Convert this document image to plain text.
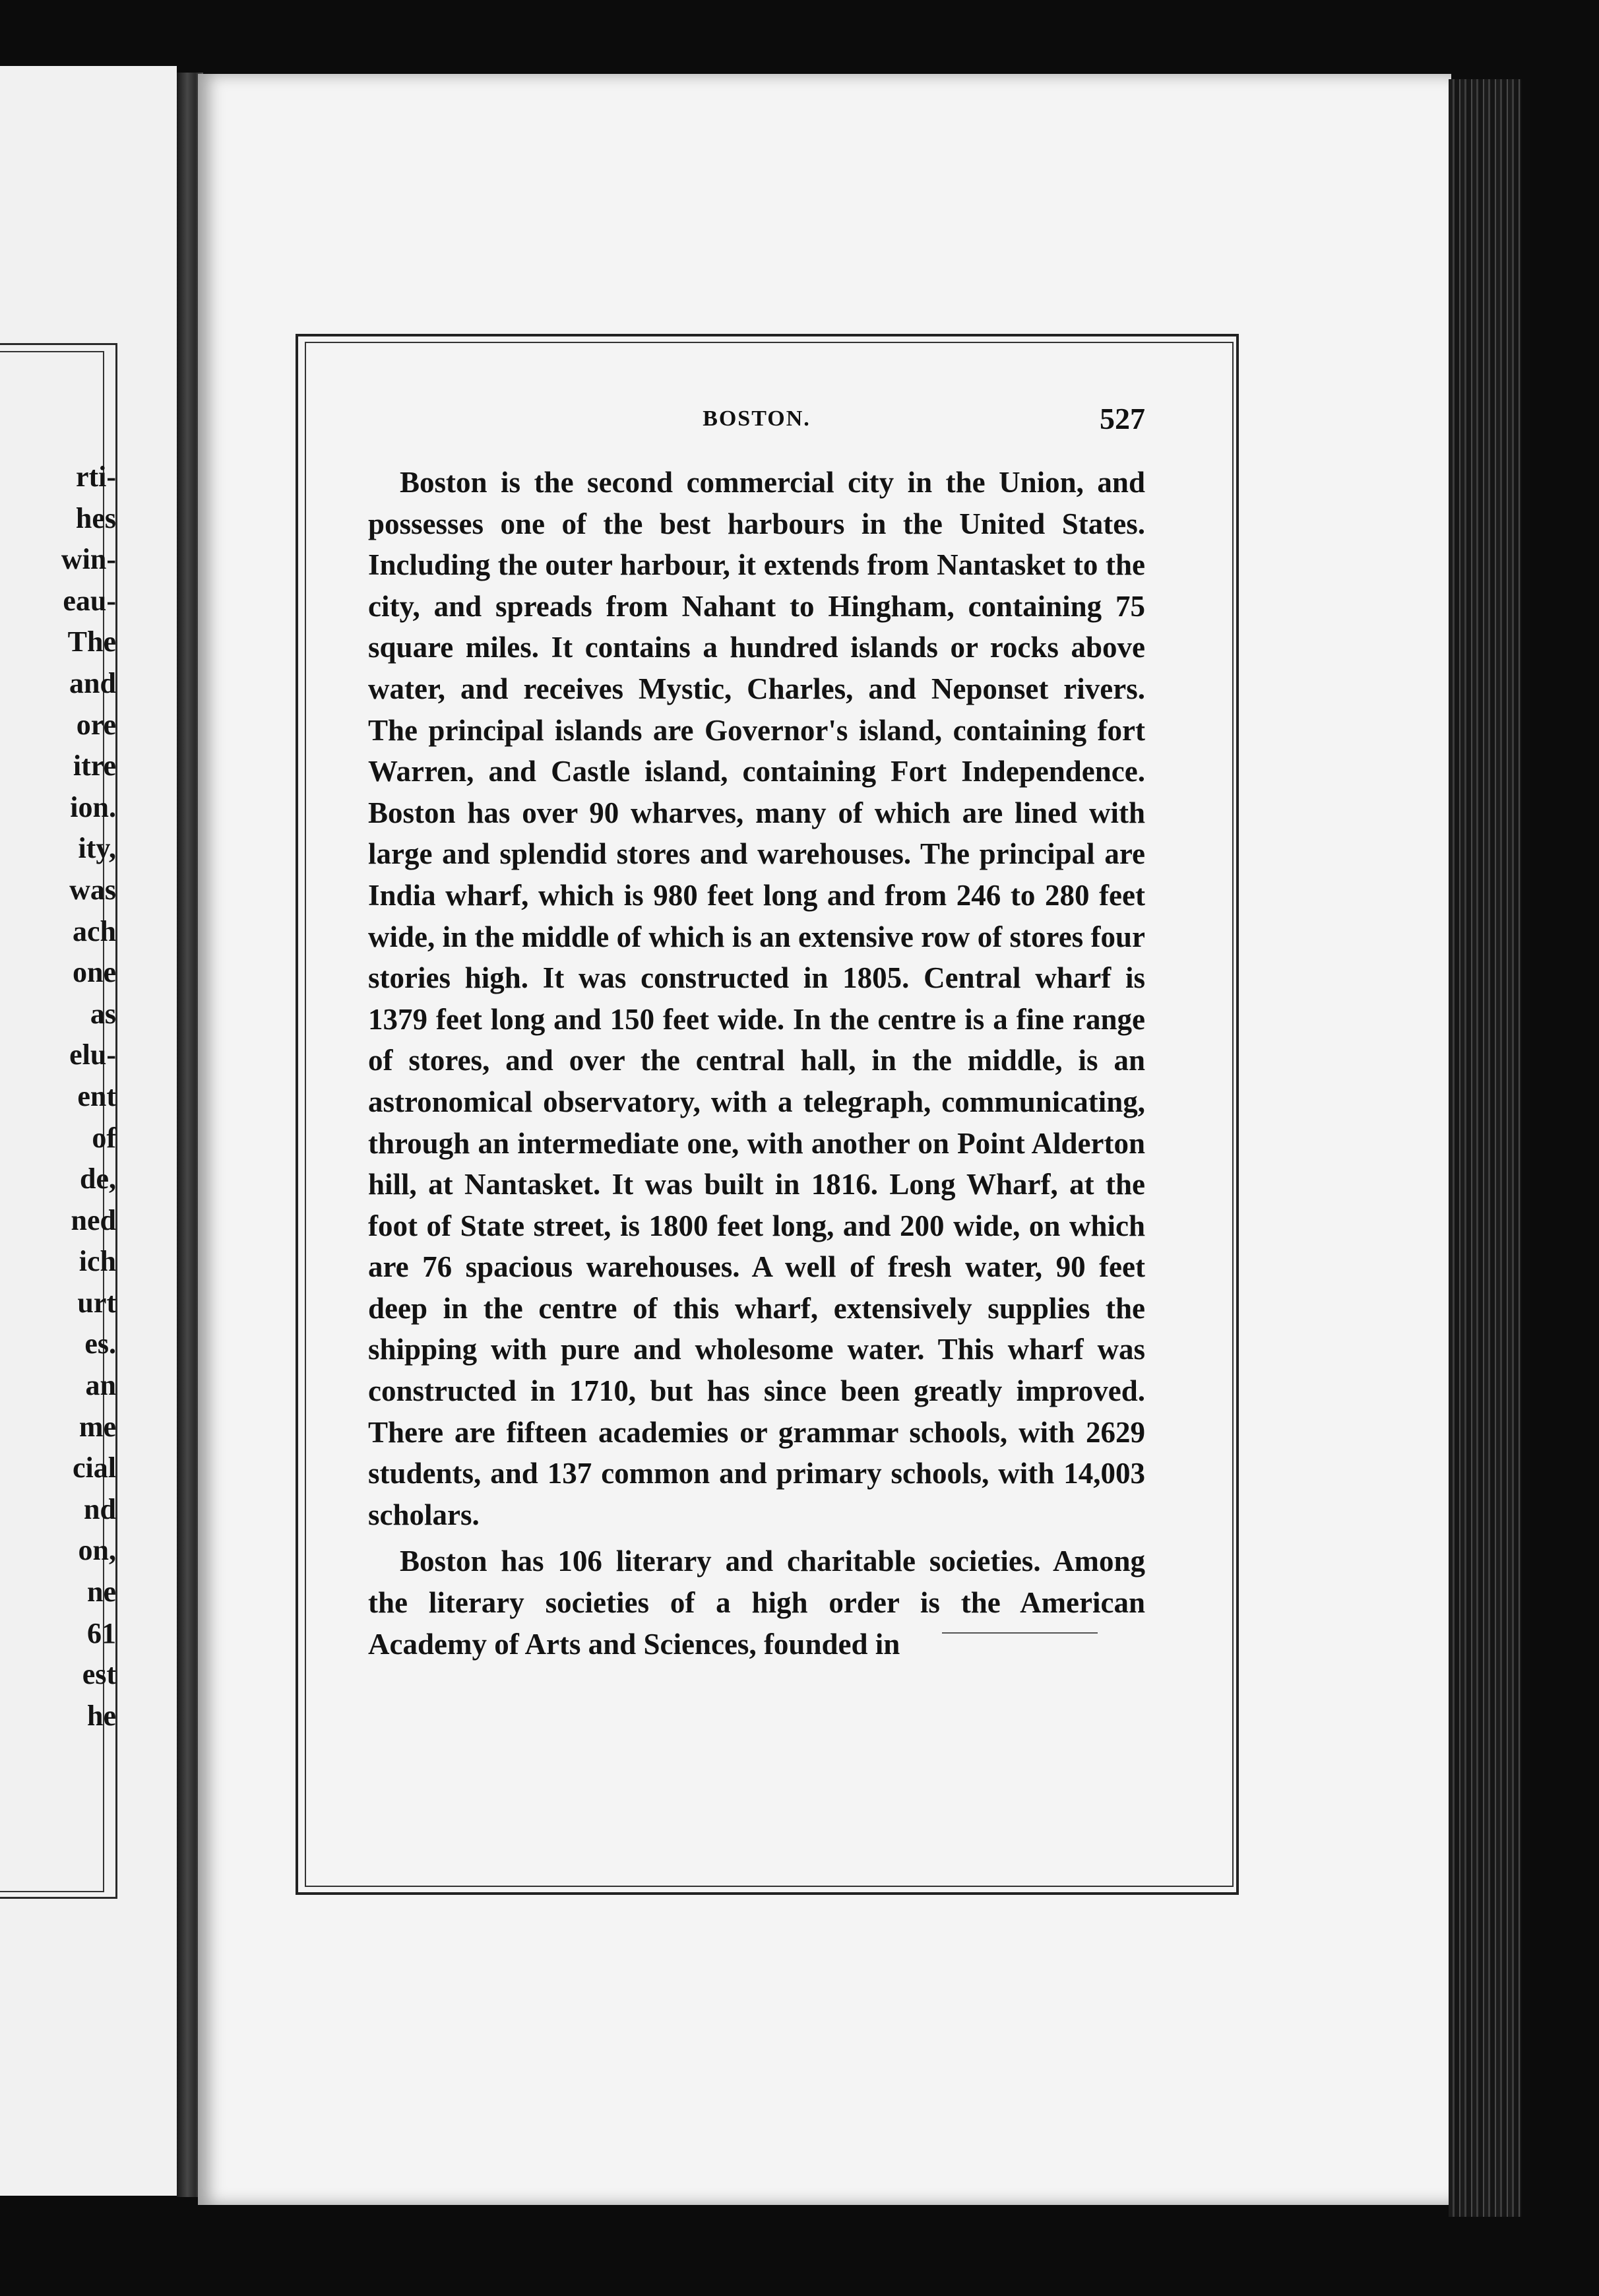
rti-
hes
win-
eau-
The
and
ore
itre
ion.
ity,
was
ach
one
as
elu-
ent
of
de,
ned
ich
urt
es.
an
me
cial
nd
on,
ne
61
est
he
BOSTON.	527

Boston is the second commercial city in the Union, and possesses one of the best harbours in the United States. Including the outer harbour, it extends from Nantasket to the city, and spreads from Nahant to Hingham, containing 75 square miles. It contains a hundred islands or rocks above water, and receives Mystic, Charles, and Neponset rivers. The principal islands are Governor's island, containing fort Warren, and Castle island, containing Fort Independence. Boston has over 90 wharves, many of which are lined with large and splendid stores and warehouses. The principal are India wharf, which is 980 feet long and from 246 to 280 feet wide, in the middle of which is an extensive row of stores four stories high. It was constructed in 1805. Central wharf is 1379 feet long and 150 feet wide. In the centre is a fine range of stores, and over the central hall, in the middle, is an astronomical observatory, with a telegraph, communicating, through an intermediate one, with another on Point Alderton hill, at Nantasket. It was built in 1816. Long Wharf, at the foot of State street, is 1800 feet long, and 200 wide, on which are 76 spacious warehouses. A well of fresh water, 90 feet deep in the centre of this wharf, extensively supplies the shipping with pure and wholesome water. This wharf was constructed in 1710, but has since been greatly improved. There are fifteen academies or grammar schools, with 2629 students, and 137 common and primary schools, with 14,003 scholars.

Boston has 106 literary and charitable societies. Among the literary societies of a high order is the American Academy of Arts and Sciences, founded in
